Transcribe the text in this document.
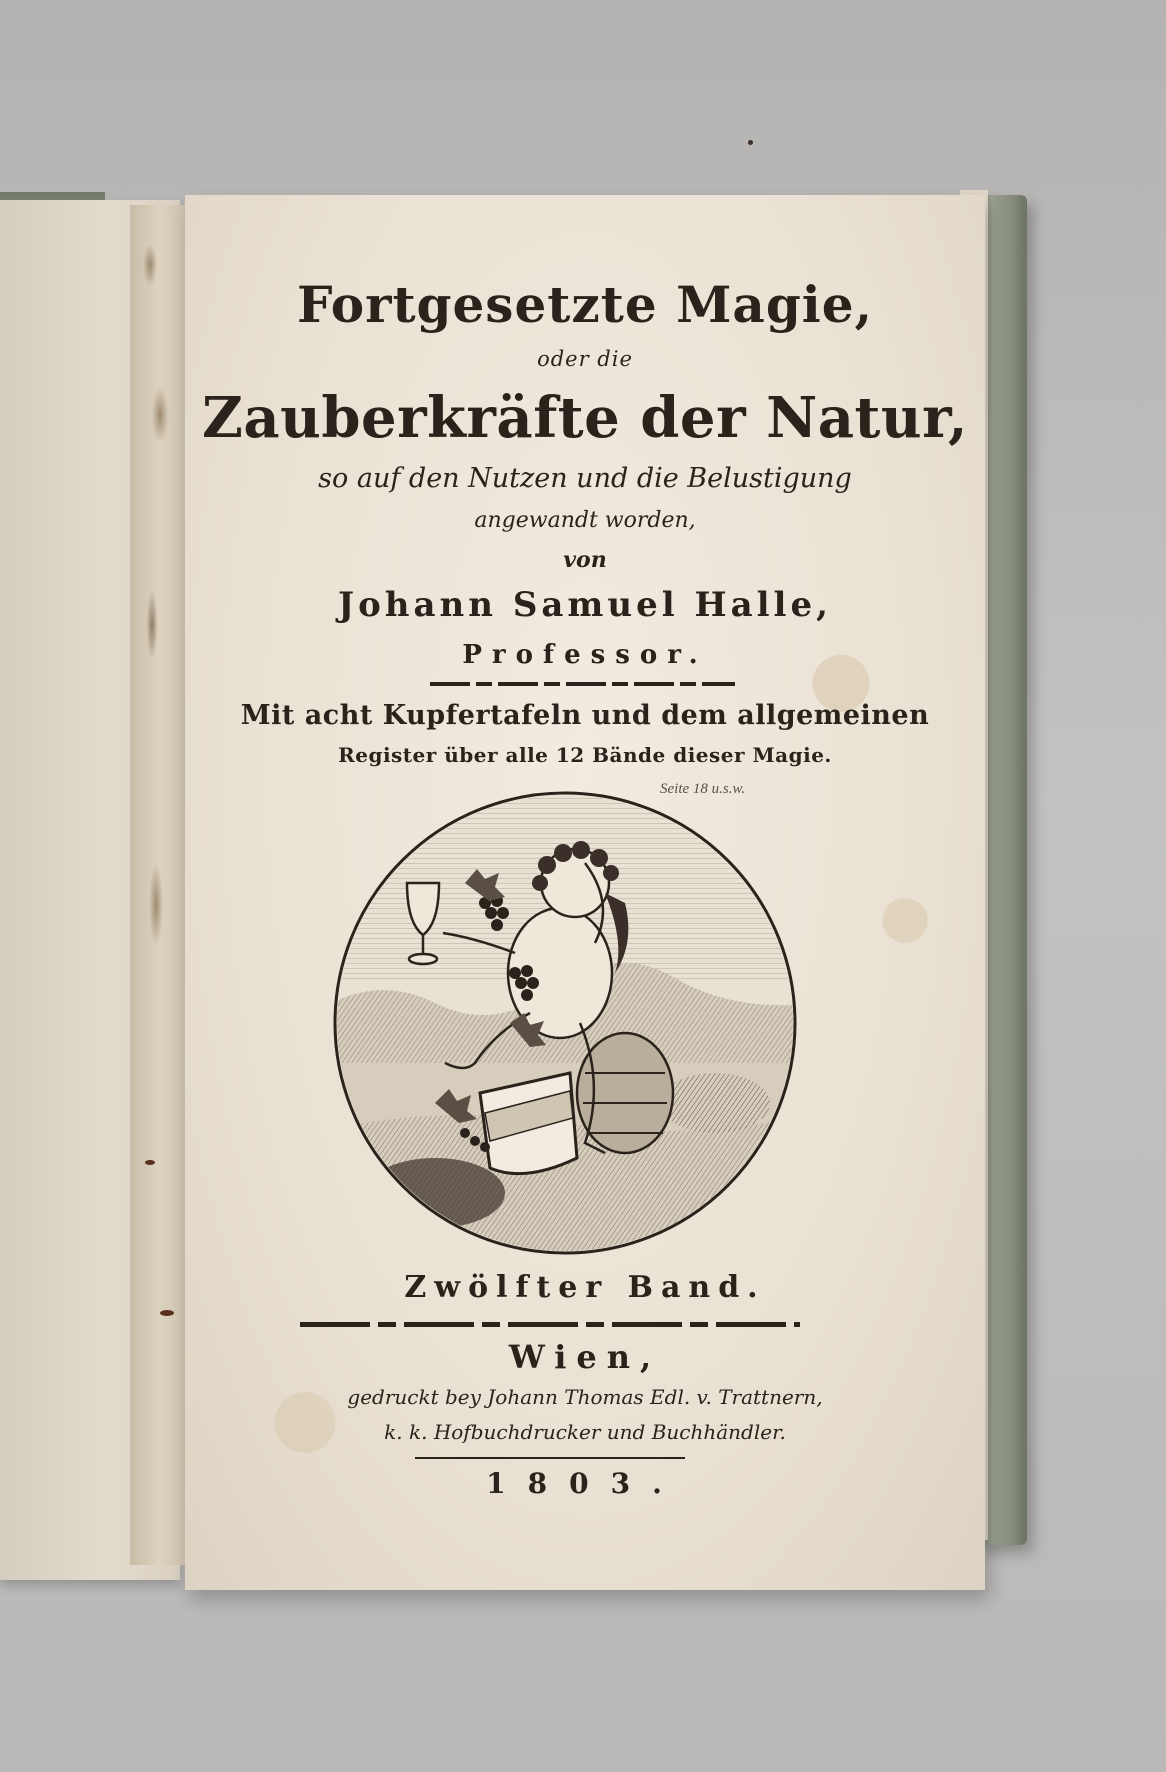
Fortgesetzte Magie,
oder die
Zauberkräfte der Natur,
so auf den Nutzen und die Belustigung
angewandt worden,
von
Johann Samuel Halle,
Professor.
Mit acht Kupfertafeln und dem allgemeinen
Register über alle 12 Bände dieser Magie.
Seite 18 u.s.w.
Zwölfter Band.
Wien,
gedruckt bey Johann Thomas Edl. v. Trattnern,
k. k. Hofbuchdrucker und Buchhändler.
1803.
